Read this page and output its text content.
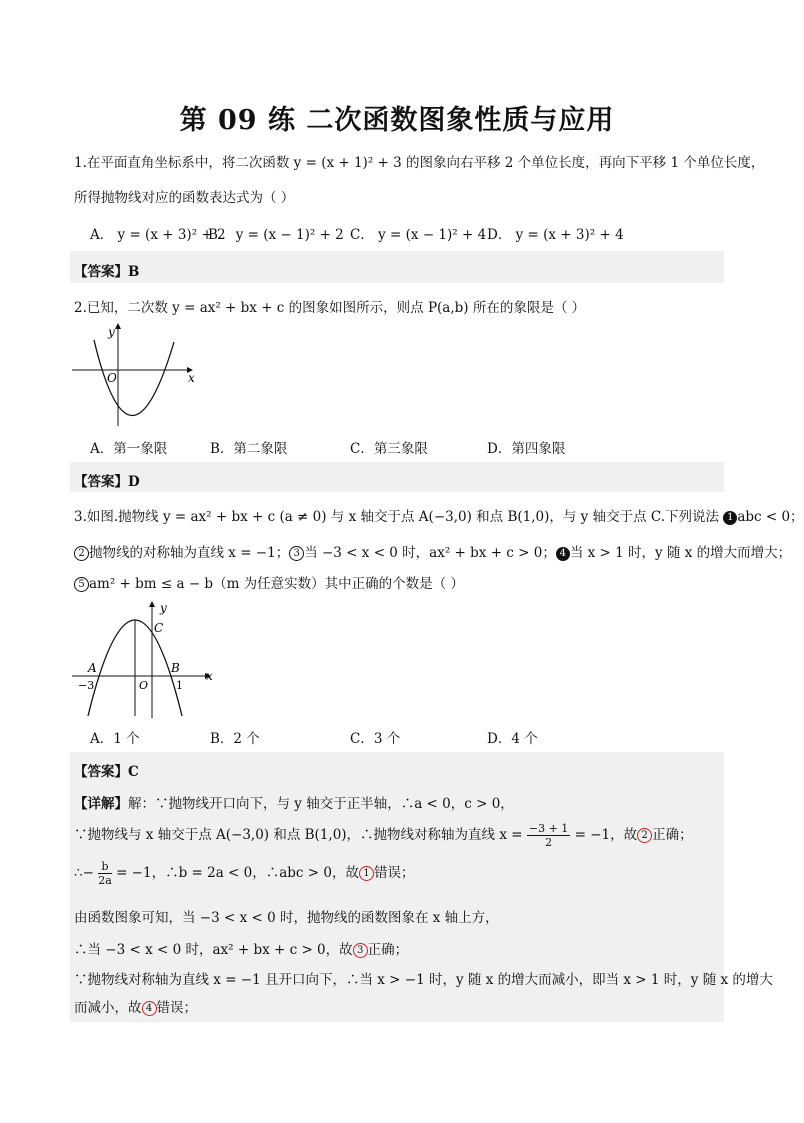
第 09 练 二次函数图象性质与应用
1.在平面直角坐标系中，将二次函数 y = (x + 1)² + 3 的图象向右平移 2 个单位长度，再向下平移 1 个单位长度，
所得抛物线对应的函数表达式为（ ）
A． y = (x + 3)² + 2
B． y = (x − 1)² + 2 C． y = (x − 1)² + 4 D． y = (x + 3)² + 4
【答案】B
2.已知，二次数 y = ax² + bx + c 的图象如图所示，则点 P(a,b) 所在的象限是（ ）
y
x
O
A．第一象限	B．第二象限	C．第三象限	D．第四象限
【答案】D
3.如图.抛物线 y = ax² + bx + c (a ≠ 0) 与 x 轴交于点 A(−3,0) 和点 B(1,0)，与 y 轴交于点 C.下列说法 1 abc < 0；
2 抛物线的对称轴为直线 x = −1； 3 当 −3 < x < 0 时，ax² + bx + c > 0； 4 当 x > 1 时，y 随 x 的增大而增大；
5 am² + bm ≤ a − b（m 为任意实数）其中正确的个数是（ ）
y
x
O
A	B
C
−3	1
A．1 个	B．2 个	C．3 个	D．4 个
【答案】C
【详解】解：∵抛物线开口向下，与 y 轴交于正半轴，∴a < 0，c > 0，
∵抛物线与 x 轴交于点 A(−3,0) 和点 B(1,0)，∴抛物线对称轴为直线 $x = \frac{-3 + 1}{2} = -1$，故 2 正确；
∴− $\frac{b}{2a} = -1$，∴b = 2a < 0，∴abc > 0，故 1 错误；
由函数图象可知，当 −3 < x < 0 时，抛物线的函数图象在 x 轴上方，
∴当 −3 < x < 0 时，ax² + bx + c > 0，故 3 正确；
∵抛物线对称轴为直线 x = −1 且开口向下，∴当 x > −1 时，y 随 x 的增大而减小，即当 x > 1 时，y 随 x 的增大
而减小，故 4 错误；
